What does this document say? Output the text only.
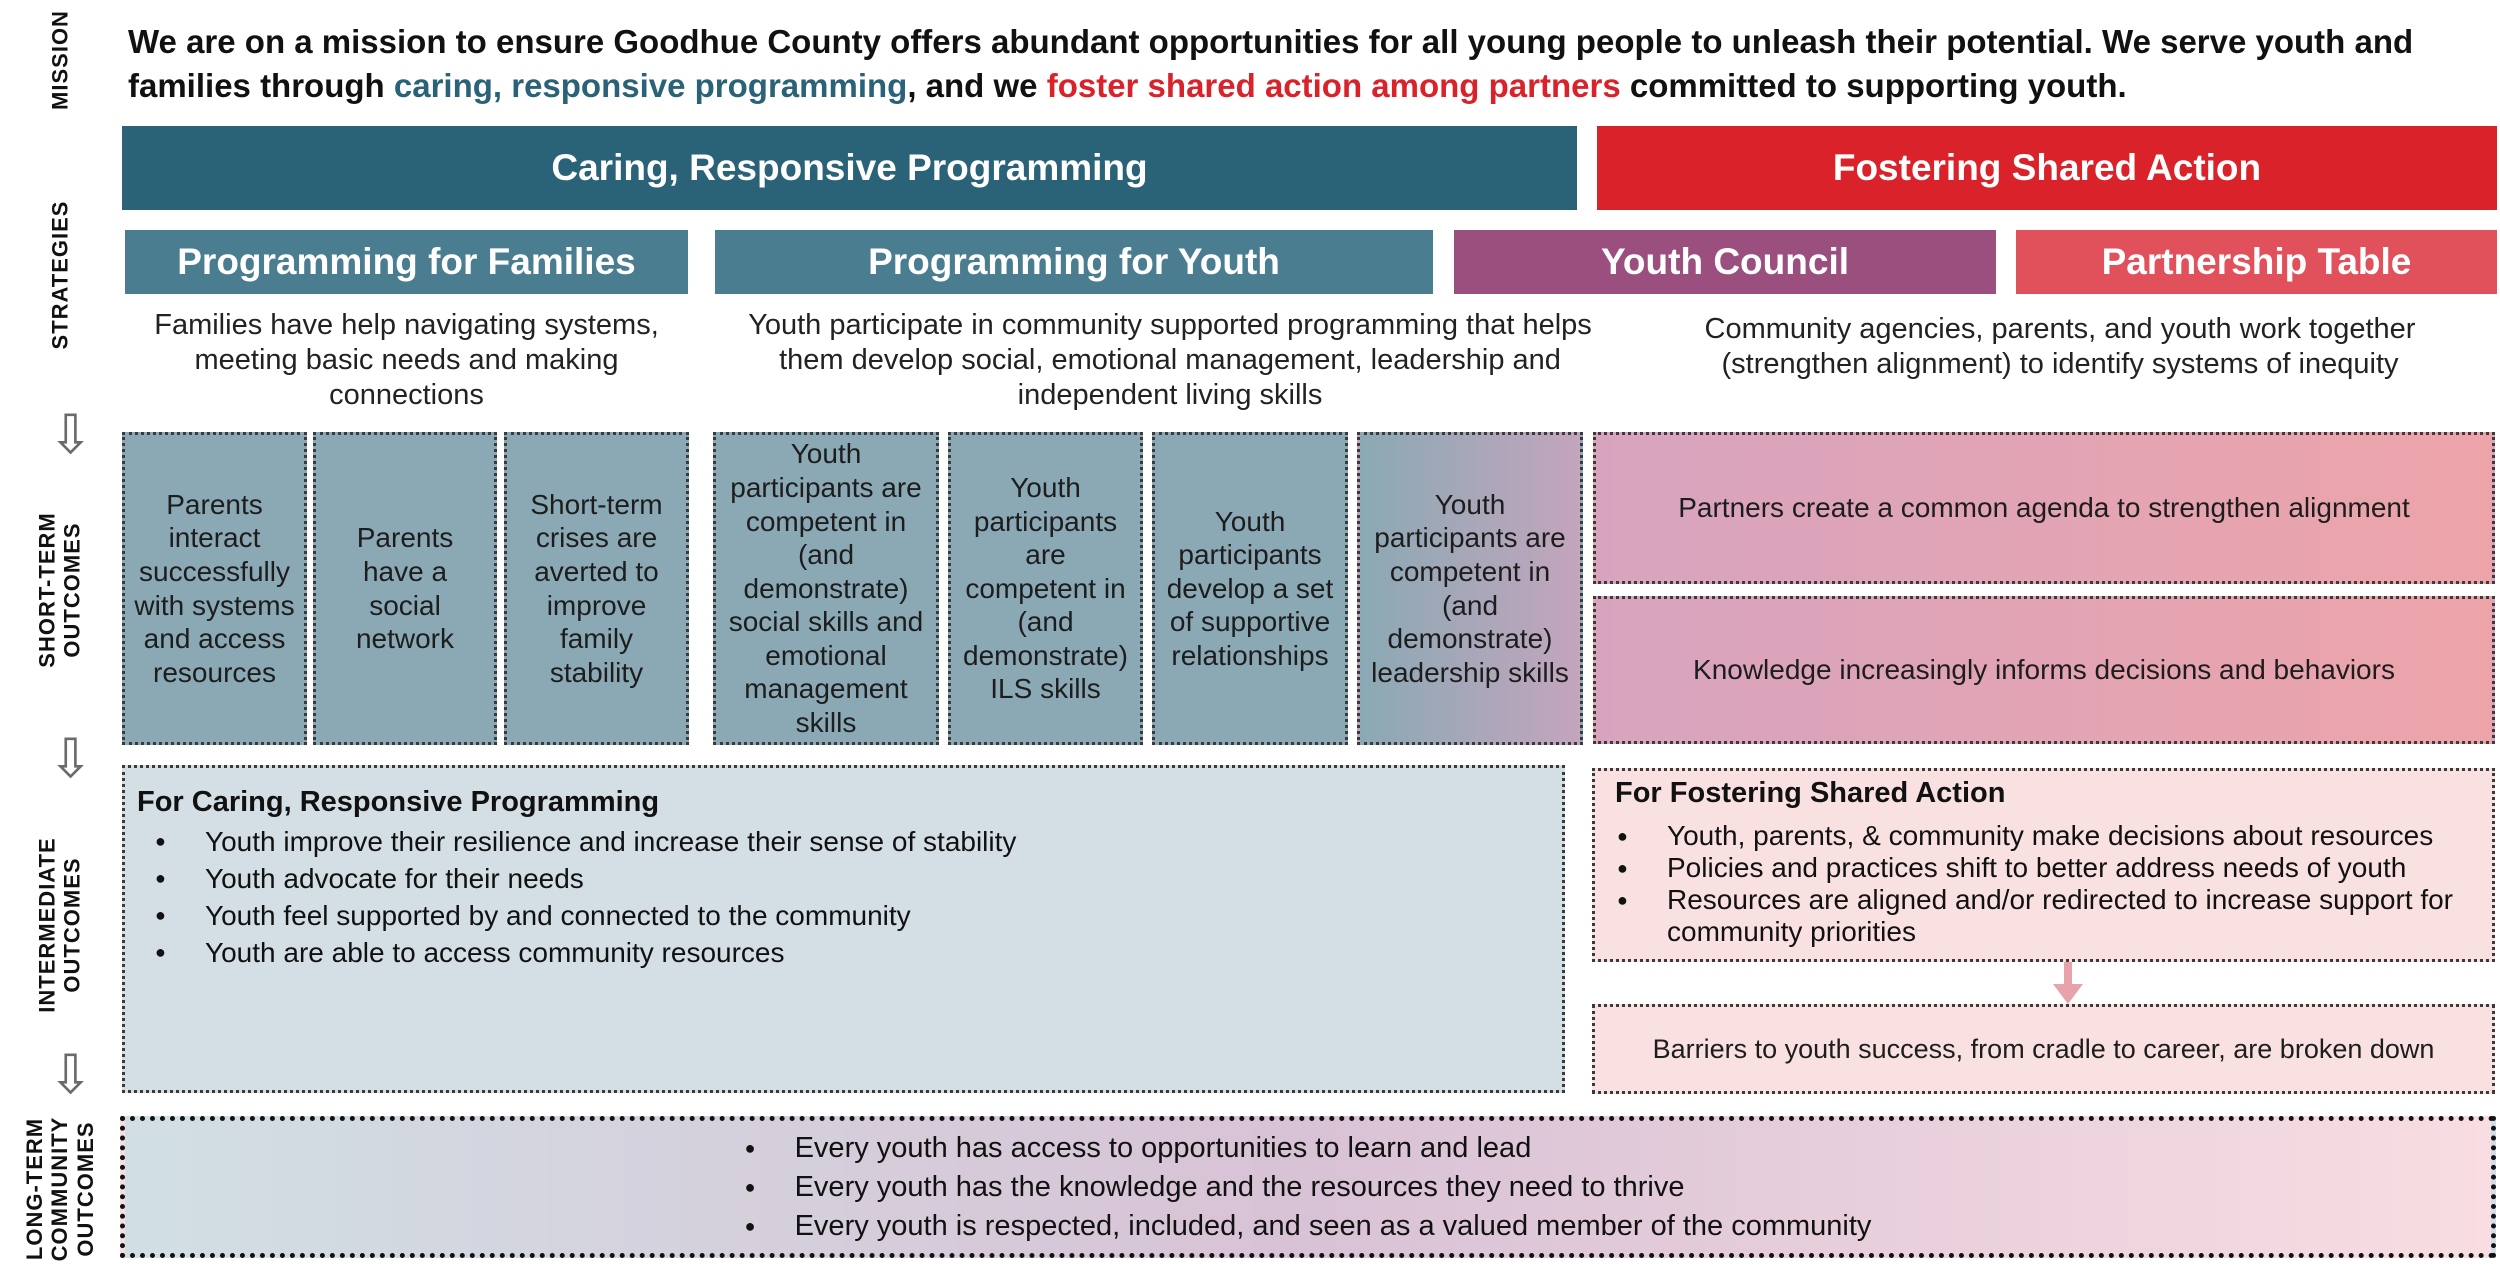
MISSION
STRATEGIES
SHORT-TERM OUTCOMES
INTERMEDIATE OUTCOMES
LONG-TERM COMMUNITY OUTCOMES
⇩
⇩
⇩
We are on a mission to ensure Goodhue County offers abundant opportunities for all young people to unleash their potential. We serve youth and families through caring, responsive programming, and we foster shared action among partners committed to supporting youth.
Caring, Responsive Programming	Fostering Shared Action
Programming for Families	Programming for Youth	Youth Council	Partnership Table
Families have help navigating systems, meeting basic needs and making connections
Youth participate in community supported programming that helps them develop social, emotional management, leadership and independent living skills
Community agencies, parents, and youth work together (strengthen alignment) to identify systems of inequity
Parents interact successfully with systems and access resources
Parents have a social network
Short-term crises are averted to improve family stability
Youth participants are competent in (and demonstrate) social skills and emotional management skills
Youth participants are competent in (and demonstrate) ILS skills
Youth participants develop a set of supportive relationships
Youth participants are competent in (and demonstrate) leadership skills
Partners create a common agenda to strengthen alignment
Knowledge increasingly informs decisions and behaviors
For Caring, Responsive Programming
● Youth improve their resilience and increase their sense of stability
● Youth advocate for their needs
● Youth feel supported by and connected to the community
● Youth are able to access community resources
For Fostering Shared Action
● Youth, parents, & community make decisions about resources
● Policies and practices shift to better address needs of youth
● Resources are aligned and/or redirected to increase support for community priorities
Barriers to youth success, from cradle to career, are broken down
● Every youth has access to opportunities to learn and lead
● Every youth has the knowledge and the resources they need to thrive
● Every youth is respected, included, and seen as a valued member of the community
